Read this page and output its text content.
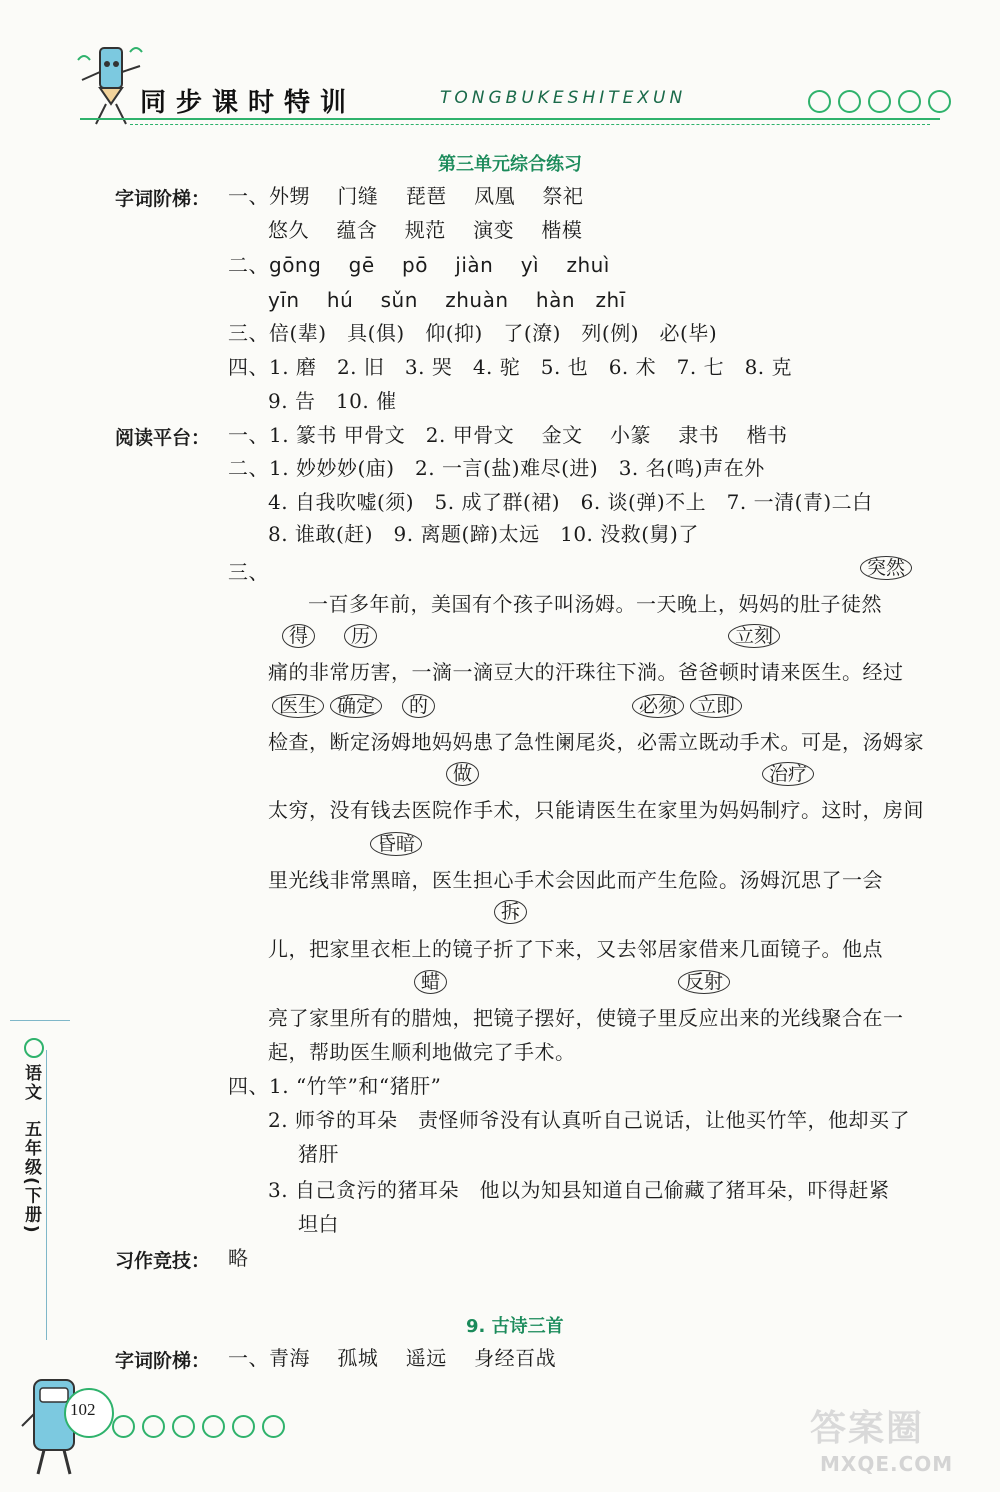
同步课时特训	TONGBUKESHITEXUN
第三单元综合练习
字词阶梯： 一、外甥　 门缝　 琵琶　 凤凰　 祭祀
悠久　 蕴含　 规范　 演变　 楷模
二、gōng　 gē　 pō　 jiàn　 yì　 zhuì
yīn　 hú　 sǔn　 zhuàn　 hàn　zhī
三、倍(辈)　具(俱)　仰(抑)　了(潦)　列(例)　必(毕)
四、1. 磨　2. 旧　3. 哭　4. 驼　5. 也　6. 术　7. 七　8. 克
9. 告　10. 催
阅读平台： 一、1. 篆书 甲骨文　2. 甲骨文　 金文　 小篆　 隶书　 楷书
二、1. 妙妙妙(庙)　2. 一言(盐)难尽(进)　3. 名(鸣)声在外
4. 自我吹嘘(须)　5. 成了群(裙)　6. 谈(弹)不上　7. 一清(青)二白
8. 谁敢(赶)　9. 离题(蹄)太远　10. 没救(舅)了
三、
一百多年前，美国有个孩子叫汤姆。一天晚上，妈妈的肚子徒然
痛的非常历害，一滴一滴豆大的汗珠往下淌。爸爸顿时请来医生。经过
检查，断定汤姆地妈妈患了急性阑尾炎，必需立既动手术。可是，汤姆家
太穷，没有钱去医院作手术，只能请医生在家里为妈妈制疗。这时，房间
里光线非常黑暗，医生担心手术会因此而产生危险。汤姆沉思了一会
儿，把家里衣柜上的镜子折了下来，又去邻居家借来几面镜子。他点
亮了家里所有的腊烛，把镜子摆好，使镜子里反应出来的光线聚合在一
起，帮助医生顺利地做完了手术。
突然
得	历	立刻
医生	确定	的	必须	立即
做	治疗
昏暗
拆
蜡	反射
四、1. “竹竿”和“猪肝”
2. 师爷的耳朵　责怪师爷没有认真听自己说话，让他买竹竿，他却买了
猪肝
3. 自己贪污的猪耳朵　他以为知县知道自己偷藏了猪耳朵，吓得赶紧
坦白
习作竞技： 略
9. 古诗三首
字词阶梯： 一、青海　 孤城　 遥远　 身经百战
语文
五年级(下册)
102	答案圈
MXQE.COM
